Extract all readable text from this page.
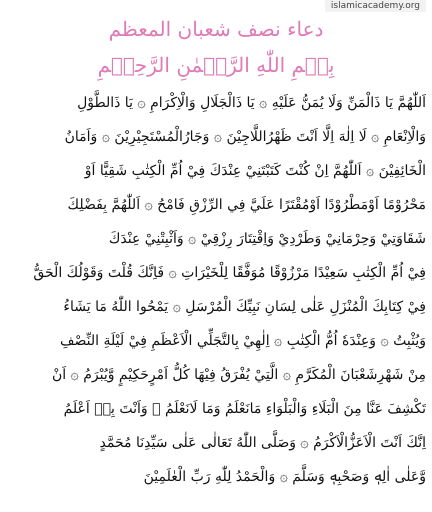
islamicacademy.org
دعاء نصف شعبان المعظم
بِسۡمِ اللّٰهِ الرَّحۡمٰنِ الرَّحِيۡمِ
اَللّٰهُمَّ يَا ذَالْمَنِّ وَلَا يُمَنُّ عَلَيْهِ ۞ يَا ذَالْجَلَالِ وَالْاِكْرَامِ ۞ يَا ذَالطَّوْلِ
وَالْاِنْعَامِ ۞ لَا اِلٰهَ اِلَّا اَنْتَ ظَهْرُاللَّاجِيْنَ ۞ وَجَارُالْمُسْتَجِيْرِيْنَ ۞ وَاَمَانُ
الْخَائِفِيْنَ ۞ اَللّٰهُمَّ اِنْ كُنْتَ كَتَبْتَنِيْ عِنْدَكَ فِيْ اُمِّ الْكِتٰبِ شَقِيًّا اَوْ
مَحْرُوْمًا اَوْمَطْرُوْدًا اَوْمُقْتَرًا عَلَيَّ فِي الرِّزْقِ فَامْحُ ۞ اَللّٰهُمَّ بِفَضْلِكَ
شَقَاوَتِيْ وَحِرْمَانِيْ وَطَرْدِيْ وَاِقْتِتَارَ رِزْقِيْ ۞ وَاَثْبِتْنِيْ عِنْدَكَ
فِيْ اُمِّ الْكِتٰبِ سَعِيْدًا مَرْزُوْقًا مُوَفَّقًا لِلْخَيْرَاتِ ۞ فَاِنَّكَ قُلْتَ وَقَوْلُكَ الْحَقُّ
فِيْ كِتَابِكَ الْمُنْزَلِ عَلٰى لِسَانِ نَبِيِّكَ الْمُرْسَلِ ۞ يَمْحُوا اللّٰهُ مَا يَشَاءُ
وَيُثْبِتُ ۞ وَعِنْدَهٗ اُمُّ الْكِتٰبِ ۞ اِلٰهِيْ بِالتَّجَلِّي الْاَعْظَمِ فِيْ لَيْلَةِ النِّصْفِ
مِنْ شَهْرِشَعْبَانَ الْمُكَرَّمِ ۞ الَّتِيْ يُفْرَقُ فِيْهَا كُلُّ اَمْرٍحَكِيْمٍ وَّيُبْرَمُ ۞ اَنْ
تَكْشِفَ عَنَّا مِنَ الْبَلَاءِ وَالْبَلْوَاءِ مَانَعْلَمُ وَمَا لَانَعْلَمُ ۞ وَاَنْتَ بِهٖ اَعْلَمُ
اِنَّكَ اَنْتَ الْاَعَزُّالْاَكْرَمُ ۞ وَصَلَّى اللّٰهُ تَعَالٰى عَلٰى سَيِّدِنَا مُحَمَّدٍ
وَّعَلٰى اٰلِهٖ وَصَحْبِهٖ وَسَلَّمَ ۞ وَالْحَمْدُ لِلّٰهِ رَبِّ الْعٰلَمِيْنَ
